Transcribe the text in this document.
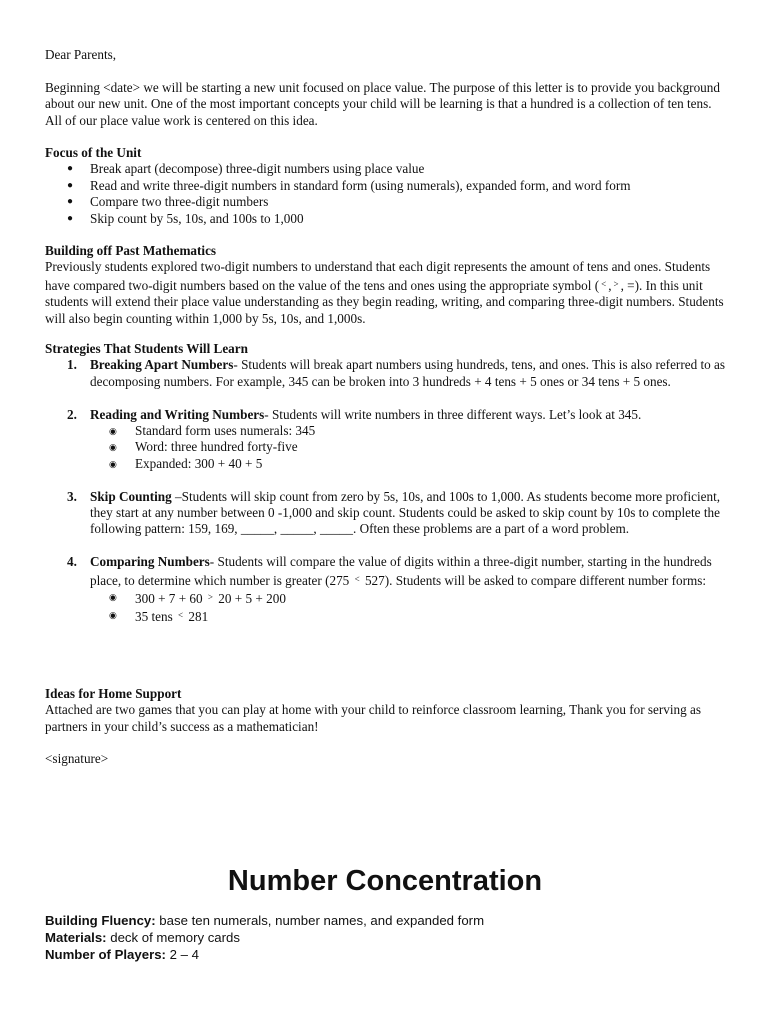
Dear Parents,

Beginning <date> we will be starting a new unit focused on place value. The purpose of this letter is to provide you background about our new unit. One of the most important concepts your child will be learning is that a hundred is a collection of ten tens. All of our place value work is centered on this idea.

Focus of the Unit

● Break apart (decompose) three-digit numbers using place value
● Read and write three-digit numbers in standard form (using numerals), expanded form, and word form
● Compare two three-digit numbers
● Skip count by 5s, 10s, and 100s to 1,000

Building off Past Mathematics

Previously students explored two-digit numbers to understand that each digit represents the amount of tens and ones. Students have compared two-digit numbers based on the value of the tens and ones using the appropriate symbol ( < , > , =). In this unit students will extend their place value understanding as they begin reading, writing, and comparing three-digit numbers. Students will also begin counting within 1,000 by 5s, 10s, and 1,000s.

Strategies That Students Will Learn

1. Breaking Apart Numbers- Students will break apart numbers using hundreds, tens, and ones. This is also referred to as decomposing numbers. For example, 345 can be broken into 3 hundreds + 4 tens + 5 ones or 34 tens + 5 ones.
2. Reading and Writing Numbers- Students will write numbers in three different ways. Let’s look at 345.
◉ Standard form uses numerals: 345
◉ Word: three hundred forty-five
◉ Expanded: 300 + 40 + 5
3. Skip Counting –Students will skip count from zero by 5s, 10s, and 100s to 1,000. As students become more proficient, they start at any number between 0 -1,000 and skip count. Students could be asked to skip count by 10s to complete the following pattern: 159, 169, _____, _____, _____. Often these problems are a part of a word problem.
4. Comparing Numbers- Students will compare the value of digits within a three-digit number, starting in the hundreds place, to determine which number is greater (275 < 527). Students will be asked to compare different number forms:
◉ 300 + 7 + 60 > 20 + 5 + 200
◉ 35 tens < 281

Ideas for Home Support

Attached are two games that you can play at home with your child to reinforce classroom learning, Thank you for serving as partners in your child’s success as a mathematician!

<signature>

Number Concentration

Building Fluency: base ten numerals, number names, and expanded form

Materials: deck of memory cards

Number of Players: 2 – 4
